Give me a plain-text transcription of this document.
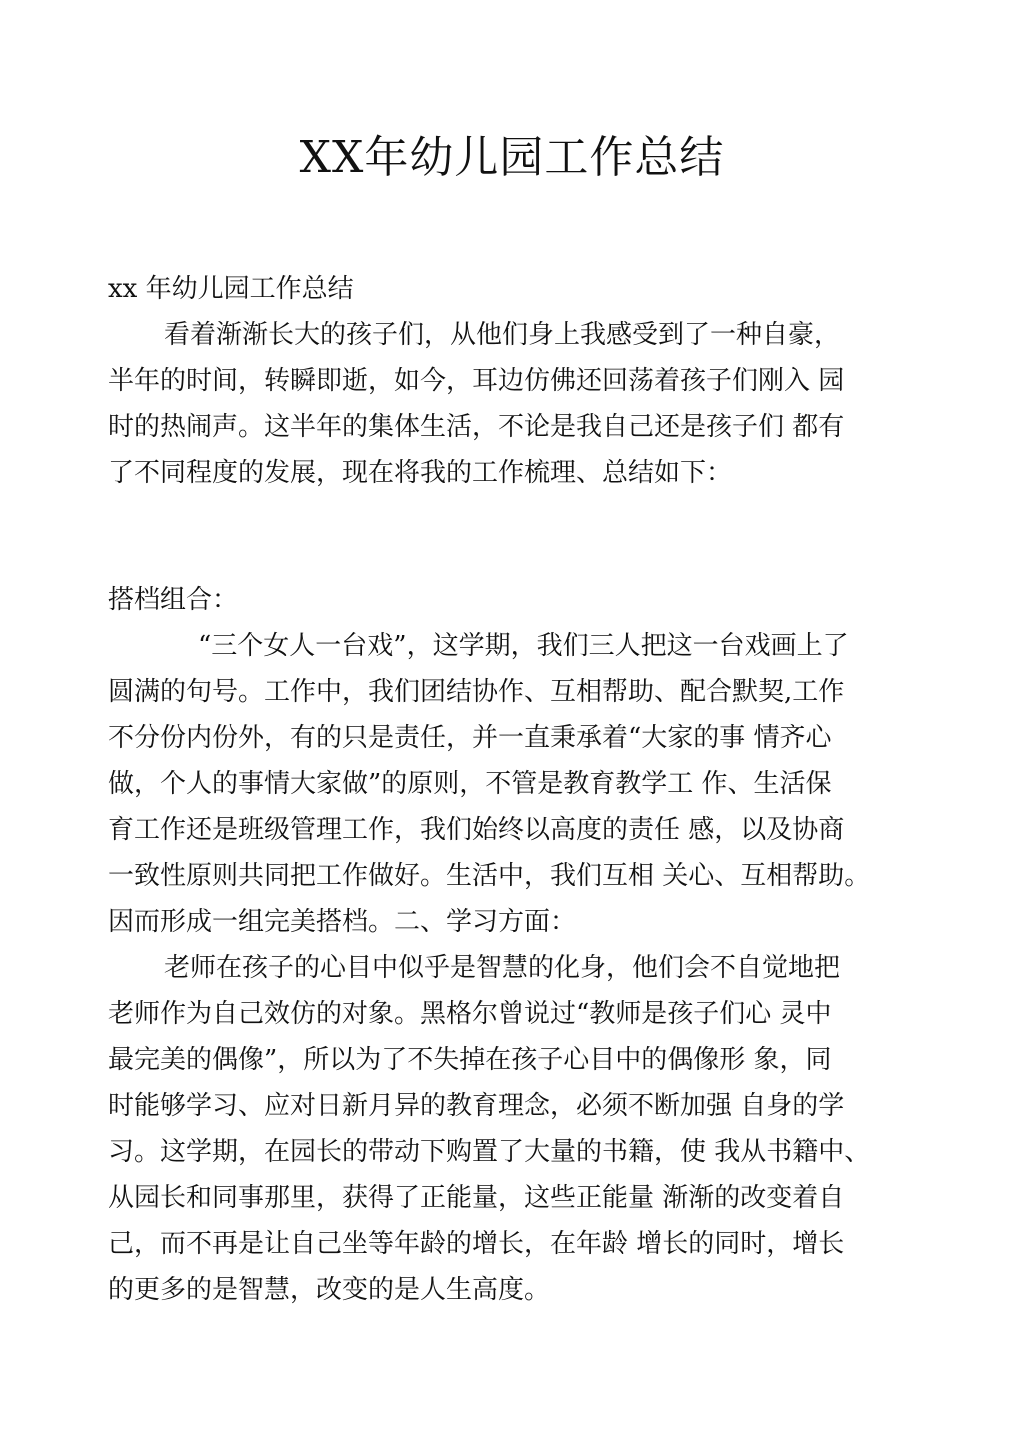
XX年幼儿园工作总结
xx 年幼儿园工作总结
看着渐渐长大的孩子们，从他们身上我感受到了一种自豪，
半年的时间，转瞬即逝，如今，耳边仿佛还回荡着孩子们刚入 园
时的热闹声。这半年的集体生活，不论是我自己还是孩子们 都有
了不同程度的发展，现在将我的工作梳理、总结如下：
搭档组合：
“三个女人一台戏”，这学期，我们三人把这一台戏画上了
圆满的句号。工作中，我们团结协作、互相帮助、配合默契,工作
不分份内份外，有的只是责任，并一直秉承着“大家的事 情齐心
做，个人的事情大家做”的原则，不管是教育教学工 作、生活保
育工作还是班级管理工作，我们始终以高度的责任 感，以及协商
一致性原则共同把工作做好。生活中，我们互相 关心、互相帮助。
因而形成一组完美搭档。二、学习方面：
老师在孩子的心目中似乎是智慧的化身，他们会不自觉地把
老师作为自己效仿的对象。黑格尔曾说过“教师是孩子们心 灵中
最完美的偶像”，所以为了不失掉在孩子心目中的偶像形 象，同
时能够学习、应对日新月异的教育理念，必须不断加强 自身的学
习。这学期，在园长的带动下购置了大量的书籍，使 我从书籍中、
从园长和同事那里，获得了正能量，这些正能量 渐渐的改变着自
己，而不再是让自己坐等年龄的增长，在年龄 增长的同时，增长
的更多的是智慧，改变的是人生高度。
